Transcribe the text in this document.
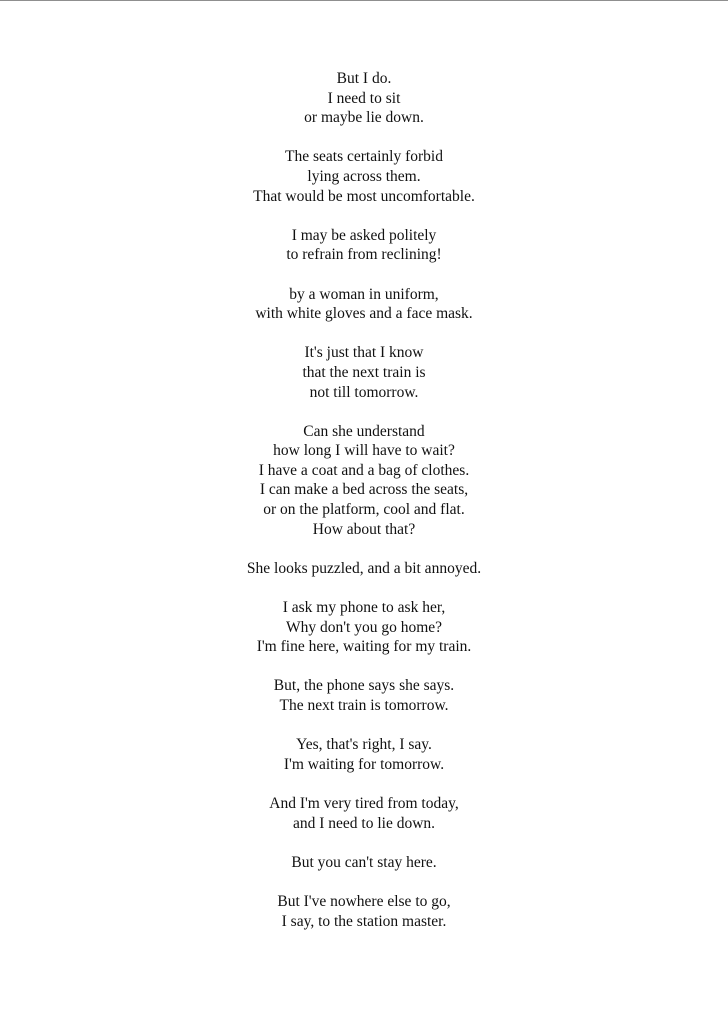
But I do.
I need to sit
or maybe lie down.
The seats certainly forbid
lying across them.
That would be most uncomfortable.
I may be asked politely
to refrain from reclining!
by a woman in uniform,
with white gloves and a face mask.
It's just that I know
that the next train is
not till tomorrow.
Can she understand
how long I will have to wait?
I have a coat and a bag of clothes.
I can make a bed across the seats,
or on the platform, cool and flat.
How about that?
She looks puzzled, and a bit annoyed.
I ask my phone to ask her,
Why don't you go home?
I'm fine here, waiting for my train.
But, the phone says she says.
The next train is tomorrow.
Yes, that's right, I say.
I'm waiting for tomorrow.
And I'm very tired from today,
and I need to lie down.
But you can't stay here.
But I've nowhere else to go,
I say, to the station master.
